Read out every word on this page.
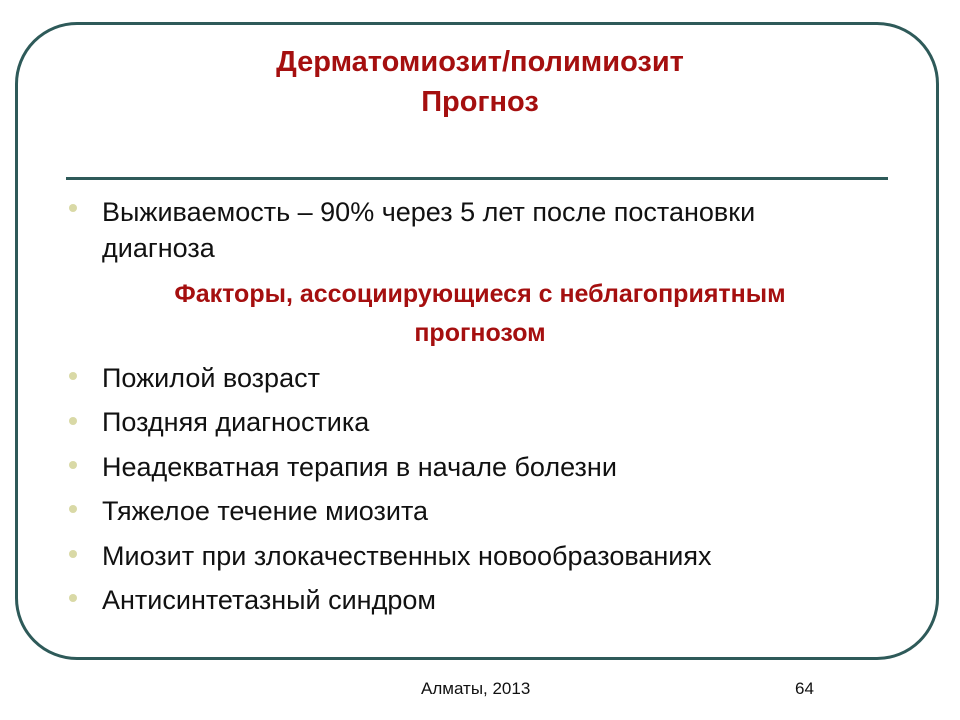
Дерматомиозит/полимиозит
Прогноз
Выживаемость – 90% через 5 лет после постановки
диагноза
Факторы, ассоциирующиеся с неблагоприятным
прогнозом
Пожилой возраст
Поздняя диагностика
Неадекватная терапия в начале болезни
Тяжелое течение миозита
Миозит при злокачественных новообразованиях
Антисинтетазный синдром
Алматы, 2013	64
